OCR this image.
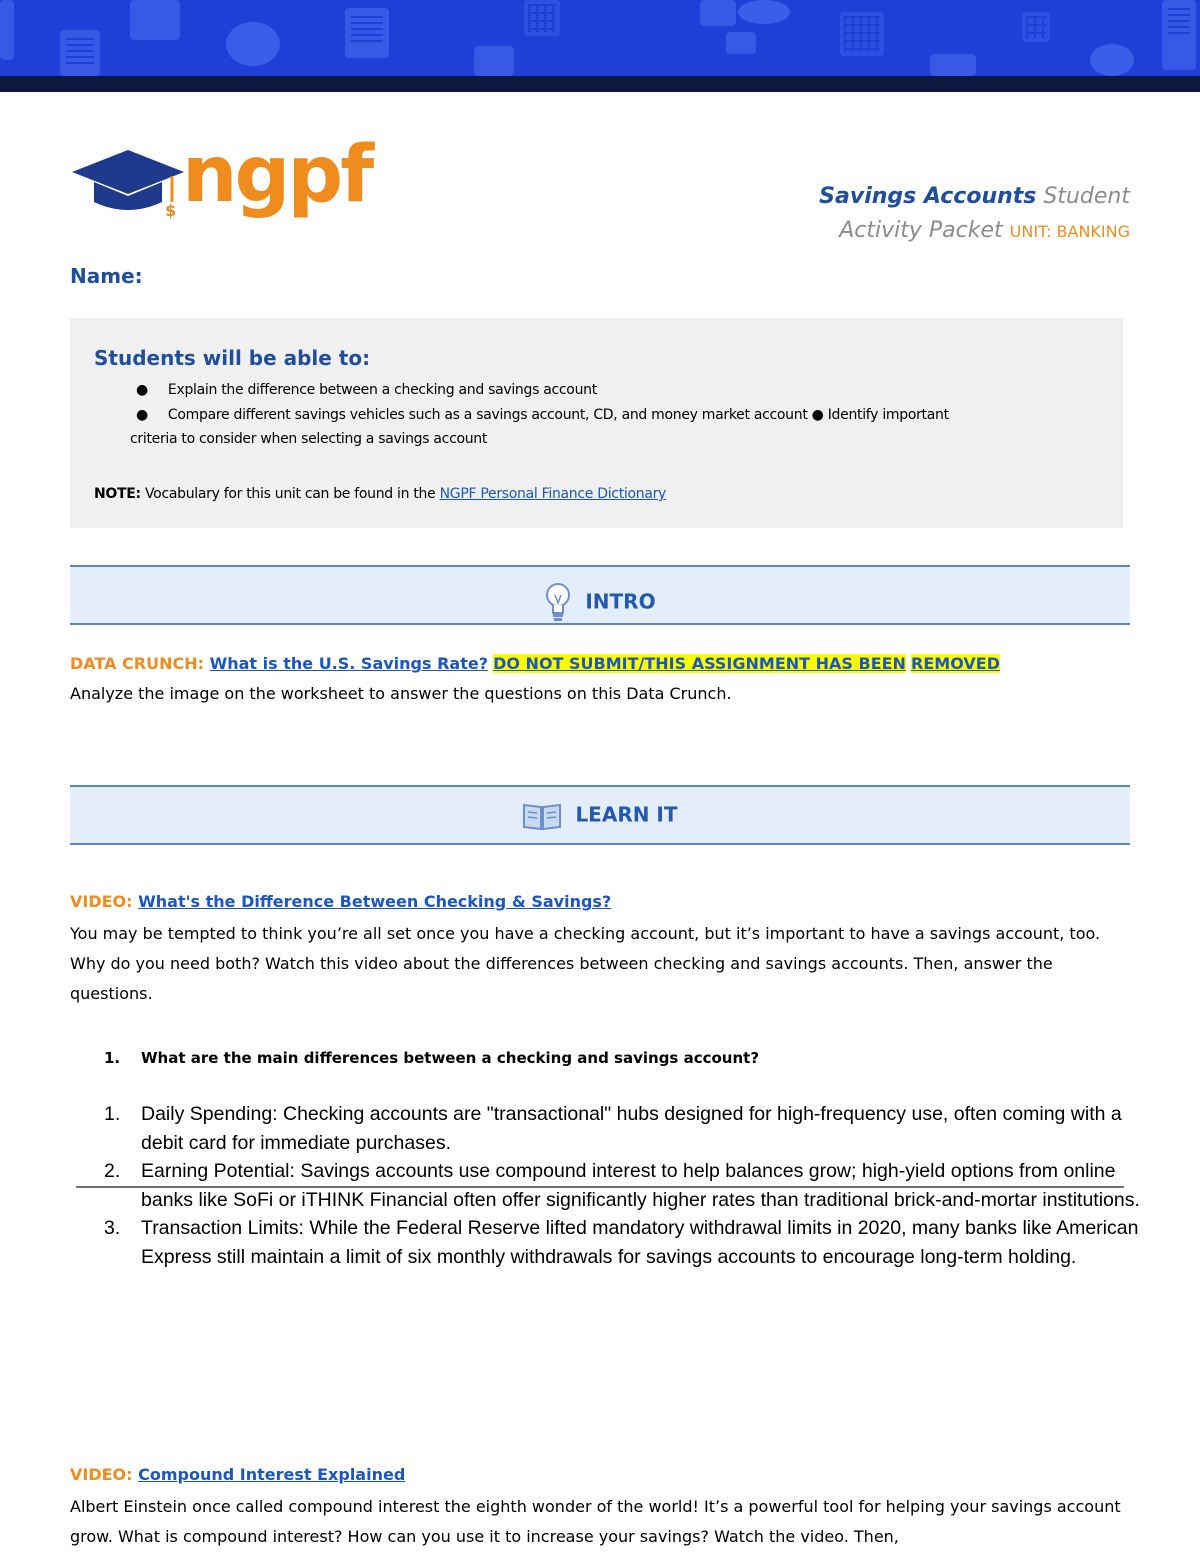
$ ngpf	Savings Accounts Student
Activity Packet UNIT: BANKING
Name:
Students will be able to:
● Explain the difference between a checking and savings account
● Compare different savings vehicles such as a savings account, CD, and money market account ● Identify important
criteria to consider when selecting a savings account
NOTE: Vocabulary for this unit can be found in the NGPF Personal Finance Dictionary
INTRO
DATA CRUNCH: What is the U.S. Savings Rate? DO NOT SUBMIT/THIS ASSIGNMENT HAS BEEN REMOVED
Analyze the image on the worksheet to answer the questions on this Data Crunch.
LEARN IT
VIDEO: What's the Difference Between Checking & Savings?
You may be tempted to think you’re all set once you have a checking account, but it’s important to have a savings account, too. Why do you need both? Watch this video about the differences between checking and savings accounts. Then, answer the questions.
1. What are the main differences between a checking and savings account?
1. Daily Spending: Checking accounts are "transactional" hubs designed for high-frequency use, often coming with a debit card for immediate purchases.
2. Earning Potential: Savings accounts use compound interest to help balances grow; high-yield options from online banks like SoFi or iTHINK Financial often offer significantly higher rates than traditional brick-and-mortar institutions.
3. Transaction Limits: While the Federal Reserve lifted mandatory withdrawal limits in 2020, many banks like American Express still maintain a limit of six monthly withdrawals for savings accounts to encourage long-term holding.
VIDEO: Compound Interest Explained
Albert Einstein once called compound interest the eighth wonder of the world! It’s a powerful tool for helping your savings account grow. What is compound interest? How can you use it to increase your savings? Watch the video. Then,
